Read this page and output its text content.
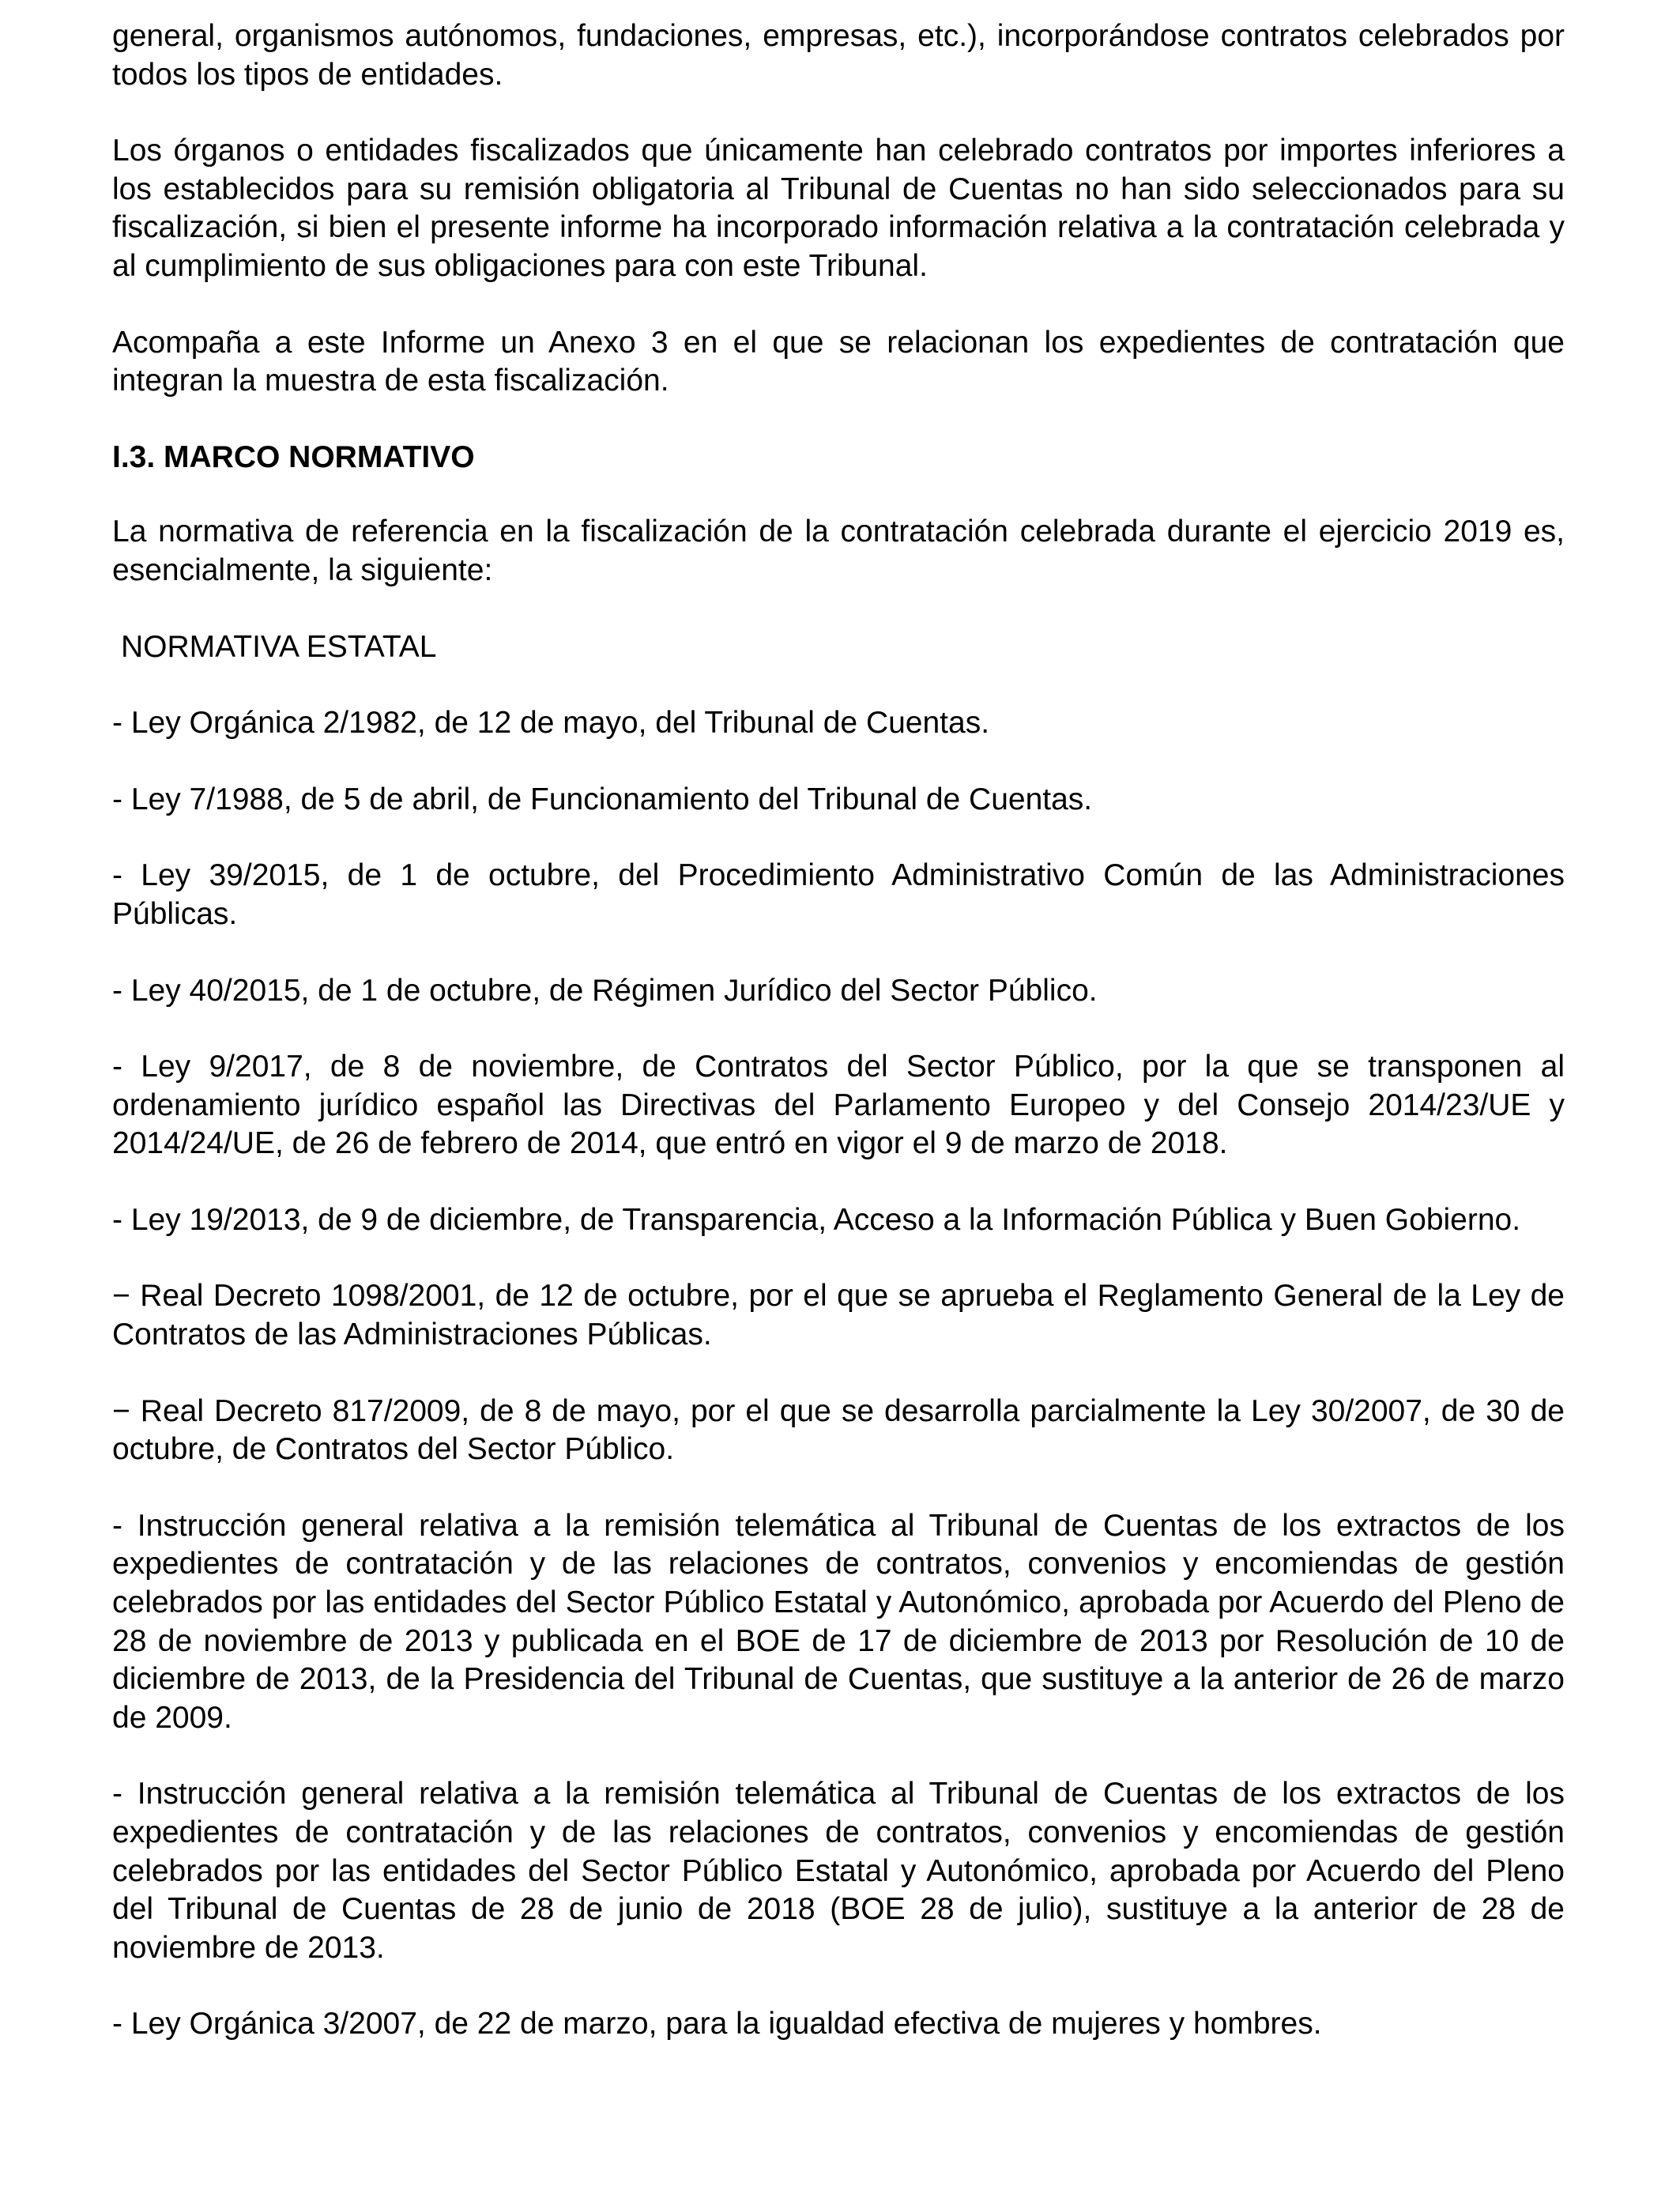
general, organismos autónomos, fundaciones, empresas, etc.), incorporándose contratos celebrados por todos los tipos de entidades.

Los órganos o entidades fiscalizados que únicamente han celebrado contratos por importes inferiores a los establecidos para su remisión obligatoria al Tribunal de Cuentas no han sido seleccionados para su fiscalización, si bien el presente informe ha incorporado información relativa a la contratación celebrada y al cumplimiento de sus obligaciones para con este Tribunal.

Acompaña a este Informe un Anexo 3 en el que se relacionan los expedientes de contratación que integran la muestra de esta fiscalización.

I.3. MARCO NORMATIVO

La normativa de referencia en la fiscalización de la contratación celebrada durante el ejercicio 2019 es, esencialmente, la siguiente:

NORMATIVA ESTATAL

- Ley Orgánica 2/1982, de 12 de mayo, del Tribunal de Cuentas.

- Ley 7/1988, de 5 de abril, de Funcionamiento del Tribunal de Cuentas.

- Ley 39/2015, de 1 de octubre, del Procedimiento Administrativo Común de las Administraciones Públicas.

- Ley 40/2015, de 1 de octubre, de Régimen Jurídico del Sector Público.

- Ley 9/2017, de 8 de noviembre, de Contratos del Sector Público, por la que se transponen al ordenamiento jurídico español las Directivas del Parlamento Europeo y del Consejo 2014/23/UE y 2014/24/UE, de 26 de febrero de 2014, que entró en vigor el 9 de marzo de 2018.

- Ley 19/2013, de 9 de diciembre, de Transparencia, Acceso a la Información Pública y Buen Gobierno.

− Real Decreto 1098/2001, de 12 de octubre, por el que se aprueba el Reglamento General de la Ley de Contratos de las Administraciones Públicas.

− Real Decreto 817/2009, de 8 de mayo, por el que se desarrolla parcialmente la Ley 30/2007, de 30 de octubre, de Contratos del Sector Público.

- Instrucción general relativa a la remisión telemática al Tribunal de Cuentas de los extractos de los expedientes de contratación y de las relaciones de contratos, convenios y encomiendas de gestión celebrados por las entidades del Sector Público Estatal y Autonómico, aprobada por Acuerdo del Pleno de 28 de noviembre de 2013 y publicada en el BOE de 17 de diciembre de 2013 por Resolución de 10 de diciembre de 2013, de la Presidencia del Tribunal de Cuentas, que sustituye a la anterior de 26 de marzo de 2009.

- Instrucción general relativa a la remisión telemática al Tribunal de Cuentas de los extractos de los expedientes de contratación y de las relaciones de contratos, convenios y encomiendas de gestión celebrados por las entidades del Sector Público Estatal y Autonómico, aprobada por Acuerdo del Pleno del Tribunal de Cuentas de 28 de junio de 2018 (BOE 28 de julio), sustituye a la anterior de 28 de noviembre de 2013.

- Ley Orgánica 3/2007, de 22 de marzo, para la igualdad efectiva de mujeres y hombres.
